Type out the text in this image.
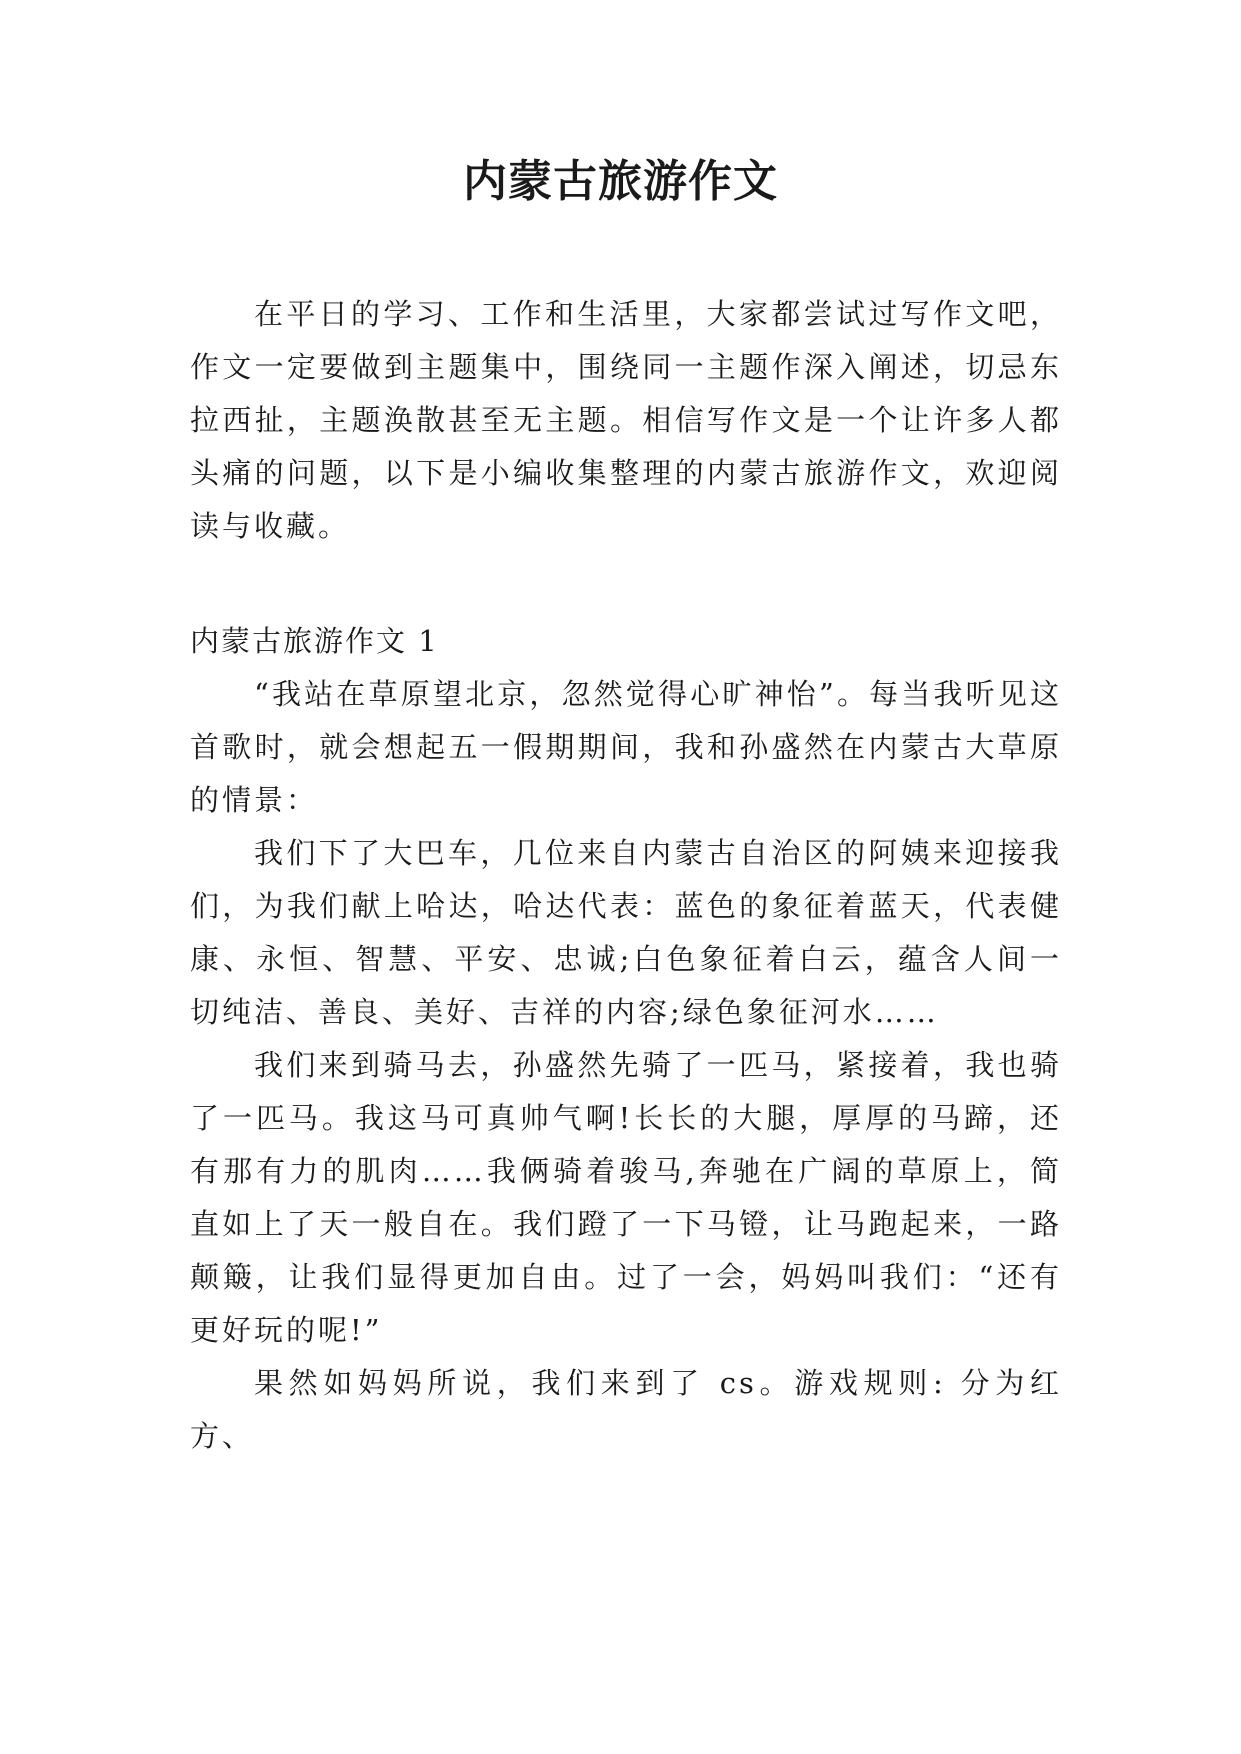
内蒙古旅游作文

在平日的学习、工作和生活里，大家都尝试过写作文吧，作文一定要做到主题集中，围绕同一主题作深入阐述，切忌东拉西扯，主题涣散甚至无主题。相信写作文是一个让许多人都头痛的问题，以下是小编收集整理的内蒙古旅游作文，欢迎阅读与收藏。

内蒙古旅游作文 1

“我站在草原望北京，忽然觉得心旷神怡”。每当我听见这首歌时，就会想起五一假期期间，我和孙盛然在内蒙古大草原的情景：

我们下了大巴车，几位来自内蒙古自治区的阿姨来迎接我们，为我们献上哈达，哈达代表：蓝色的象征着蓝天，代表健康、永恒、智慧、平安、忠诚;白色象征着白云，蕴含人间一切纯洁、善良、美好、吉祥的内容;绿色象征河水……

我们来到骑马去，孙盛然先骑了一匹马，紧接着，我也骑了一匹马。我这马可真帅气啊!长长的大腿，厚厚的马蹄，还有那有力的肌肉……我俩骑着骏马,奔驰在广阔的草原上，简直如上了天一般自在。我们蹬了一下马镫，让马跑起来，一路颠簸，让我们显得更加自由。过了一会，妈妈叫我们：“还有更好玩的呢!”

果然如妈妈所说，我们来到了 cs。游戏规则: 分为红方、
